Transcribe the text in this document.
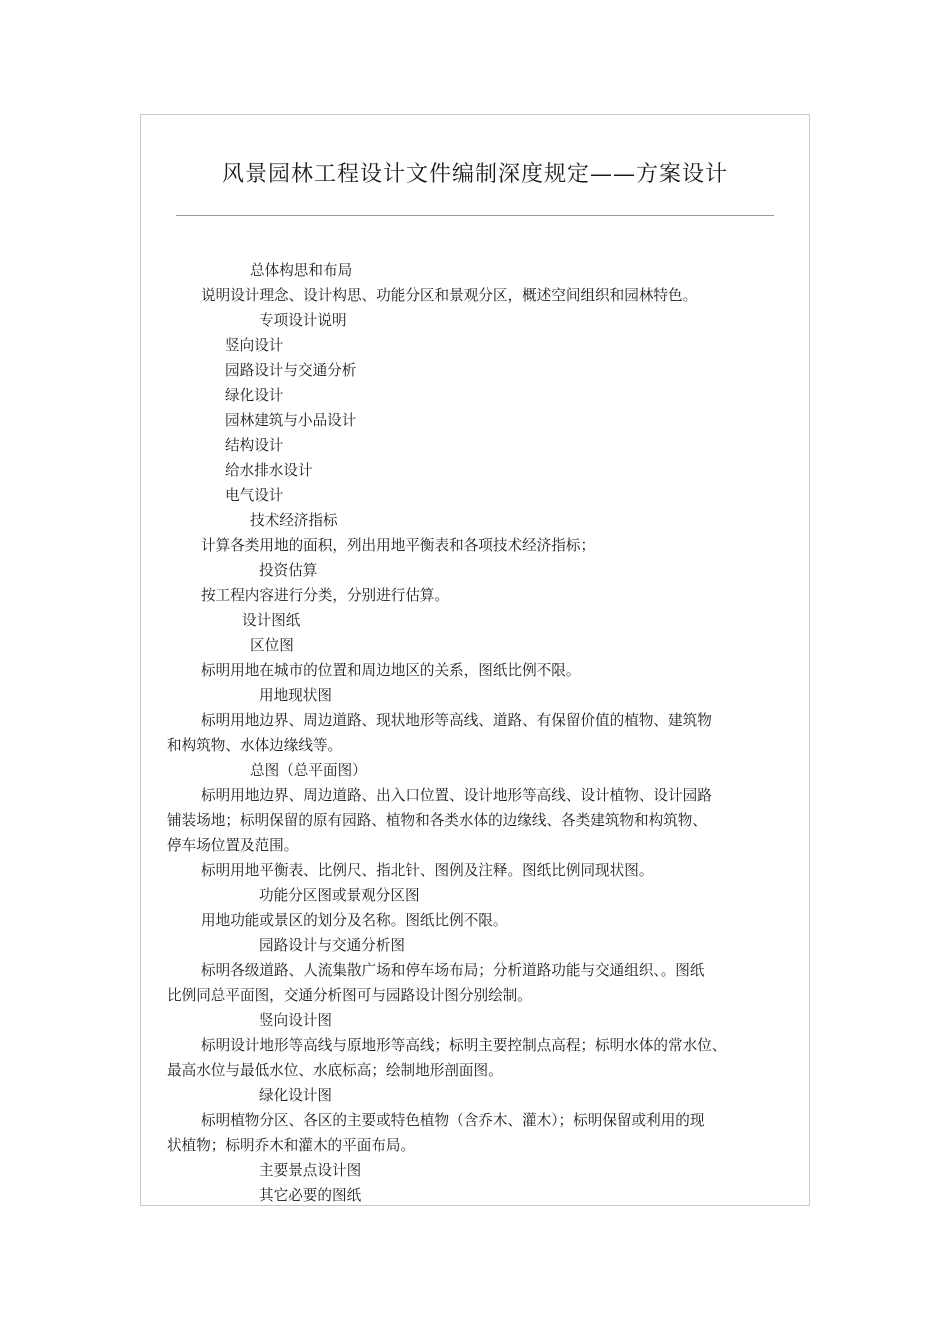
风景园林工程设计文件编制深度规定——方案设计
总体构思和布局
说明设计理念、设计构思、功能分区和景观分区，概述空间组织和园林特色。
专项设计说明
竖向设计
园路设计与交通分析
绿化设计
园林建筑与小品设计
结构设计
给水排水设计
电气设计
技术经济指标
计算各类用地的面积，列出用地平衡表和各项技术经济指标；
投资估算
按工程内容进行分类，分别进行估算。
设计图纸
区位图
标明用地在城市的位置和周边地区的关系，图纸比例不限。
用地现状图
标明用地边界、周边道路、现状地形等高线、道路、有保留价值的植物、建筑物
和构筑物、水体边缘线等。
总图（总平面图）
标明用地边界、周边道路、出入口位置、设计地形等高线、设计植物、设计园路
铺装场地；标明保留的原有园路、植物和各类水体的边缘线、各类建筑物和构筑物、
停车场位置及范围。
标明用地平衡表、比例尺、指北针、图例及注释。图纸比例同现状图。
功能分区图或景观分区图
用地功能或景区的划分及名称。图纸比例不限。
园路设计与交通分析图
标明各级道路、人流集散广场和停车场布局；分析道路功能与交通组织、。图纸
比例同总平面图，交通分析图可与园路设计图分别绘制。
竖向设计图
标明设计地形等高线与原地形等高线；标明主要控制点高程；标明水体的常水位、
最高水位与最低水位、水底标高；绘制地形剖面图。
绿化设计图
标明植物分区、各区的主要或特色植物（含乔木、灌木）；标明保留或利用的现
状植物；标明乔木和灌木的平面布局。
主要景点设计图
其它必要的图纸
